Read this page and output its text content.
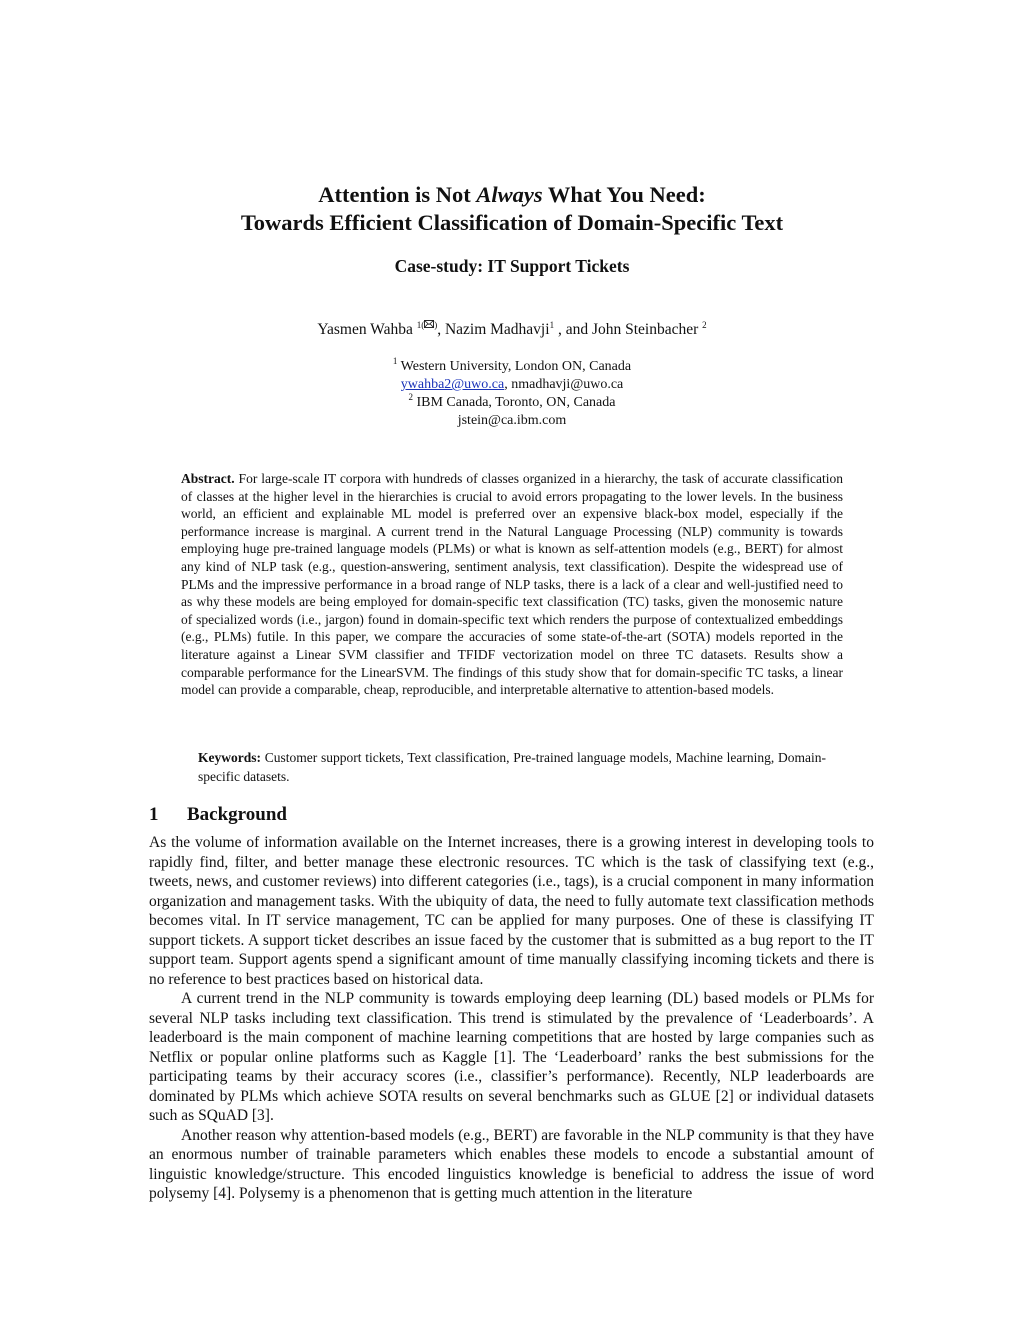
Attention is Not Always What You Need:
Towards Efficient Classification of Domain-Specific Text
Case-study: IT Support Tickets
Yasmen Wahba $^{1( )}$, Nazim Madhavji$^1$ , and John Steinbacher $^2$
$^1$ Western University, London ON, Canada
ywahba2@uwo.ca, nmadhavji@uwo.ca
$^2$ IBM Canada, Toronto, ON, Canada
jstein@ca.ibm.com
Abstract. For large-scale IT corpora with hundreds of classes organized in a hierarchy, the task of accurate classification of classes at the higher level in the hierarchies is crucial to avoid errors propagating to the lower levels. In the business world, an efficient and explainable ML model is preferred over an expensive black-box model, especially if the performance increase is marginal. A current trend in the Natural Language Processing (NLP) community is towards employing huge pre-trained language models (PLMs) or what is known as self-attention models (e.g., BERT) for almost any kind of NLP task (e.g., question-answering, sentiment analysis, text classification). Despite the widespread use of PLMs and the impressive performance in a broad range of NLP tasks, there is a lack of a clear and well-justified need to as why these models are being employed for domain-specific text classification (TC) tasks, given the monosemic nature of specialized words (i.e., jargon) found in domain-specific text which renders the purpose of contextualized embeddings (e.g., PLMs) futile. In this paper, we compare the accuracies of some state-of-the-art (SOTA) models reported in the literature against a Linear SVM classifier and TFIDF vectorization model on three TC datasets. Results show a comparable performance for the LinearSVM. The findings of this study show that for domain-specific TC tasks, a linear model can provide a comparable, cheap, reproducible, and interpretable alternative to attention-based models.
Keywords: Customer support tickets, Text classification, Pre-trained language models, Machine learning, Domain-specific datasets.
1 Background

As the volume of information available on the Internet increases, there is a growing interest in developing tools to rapidly find, filter, and better manage these electronic resources. TC which is the task of classifying text (e.g., tweets, news, and customer reviews) into different categories (i.e., tags), is a crucial component in many information organization and management tasks. With the ubiquity of data, the need to fully automate text classification methods becomes vital. In IT service management, TC can be applied for many purposes. One of these is classifying IT support tickets. A support ticket describes an issue faced by the customer that is submitted as a bug report to the IT support team. Support agents spend a significant amount of time manually classifying incoming tickets and there is no reference to best practices based on historical data.

A current trend in the NLP community is towards employing deep learning (DL) based models or PLMs for several NLP tasks including text classification. This trend is stimulated by the prevalence of ‘Leaderboards’. A leaderboard is the main component of machine learning competitions that are hosted by large companies such as Netflix or popular online platforms such as Kaggle [1]. The ‘Leaderboard’ ranks the best submissions for the participating teams by their accuracy scores (i.e., classifier’s performance). Recently, NLP leaderboards are dominated by PLMs which achieve SOTA results on several benchmarks such as GLUE [2] or individual datasets such as SQuAD [3].

Another reason why attention-based models (e.g., BERT) are favorable in the NLP community is that they have an enormous number of trainable parameters which enables these models to encode a substantial amount of linguistic knowledge/structure. This encoded linguistics knowledge is beneficial to address the issue of word polysemy [4]. Polysemy is a phenomenon that is getting much attention in the literature
